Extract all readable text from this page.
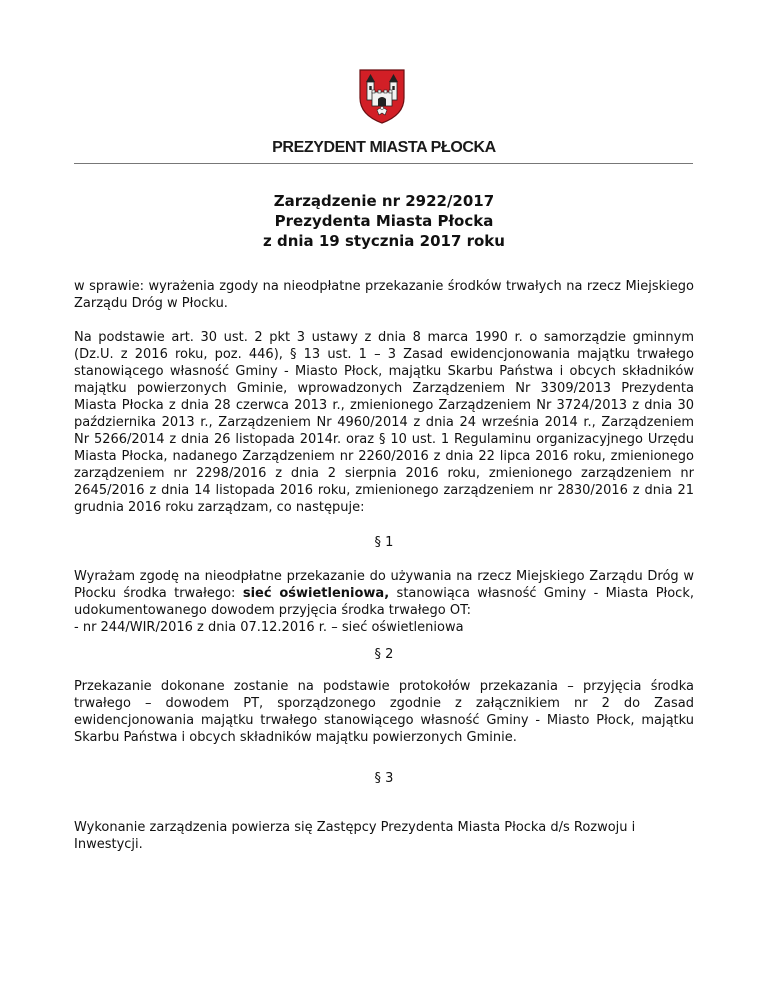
PREZYDENT MIASTA PŁOCKA
Zarządzenie nr 2922/2017
Prezydenta Miasta Płocka
z dnia 19 stycznia 2017 roku

w sprawie: wyrażenia zgody na nieodpłatne przekazanie środków trwałych na rzecz Miejskiego Zarządu Dróg w Płocku.

Na podstawie art. 30 ust. 2 pkt 3 ustawy z dnia 8 marca 1990 r. o samorządzie gminnym (Dz.U. z 2016 roku, poz. 446), § 13 ust. 1 – 3 Zasad ewidencjonowania majątku trwałego stanowiącego własność Gminy - Miasto Płock, majątku Skarbu Państwa i obcych składników majątku powierzonych Gminie, wprowadzonych Zarządzeniem Nr 3309/2013 Prezydenta Miasta Płocka z dnia 28 czerwca 2013 r., zmienionego Zarządzeniem Nr 3724/2013 z dnia 30 października 2013 r., Zarządzeniem Nr 4960/2014 z dnia 24 września 2014 r., Zarządzeniem Nr 5266/2014 z dnia 26 listopada 2014r. oraz § 10 ust. 1 Regulaminu organizacyjnego Urzędu Miasta Płocka, nadanego Zarządzeniem nr 2260/2016 z dnia 22 lipca 2016 roku, zmienionego zarządzeniem nr 2298/2016 z dnia 2 sierpnia 2016 roku, zmienionego zarządzeniem nr 2645/2016 z dnia 14 listopada 2016 roku, zmienionego zarządzeniem nr 2830/2016 z dnia 21 grudnia 2016 roku zarządzam, co następuje:

§ 1

Wyrażam zgodę na nieodpłatne przekazanie do używania na rzecz Miejskiego Zarządu Dróg w Płocku środka trwałego: sieć oświetleniowa, stanowiąca własność Gminy - Miasta Płock, udokumentowanego dowodem przyjęcia środka trwałego OT:

- nr 244/WIR/2016 z dnia 07.12.2016 r. – sieć oświetleniowa

§ 2

Przekazanie dokonane zostanie na podstawie protokołów przekazania – przyjęcia środka trwałego – dowodem PT, sporządzonego zgodnie z załącznikiem nr 2 do Zasad ewidencjonowania majątku trwałego stanowiącego własność Gminy - Miasto Płock, majątku Skarbu Państwa i obcych składników majątku powierzonych Gminie.

§ 3

Wykonanie zarządzenia powierza się Zastępcy Prezydenta Miasta Płocka d/s Rozwoju i Inwestycji.
